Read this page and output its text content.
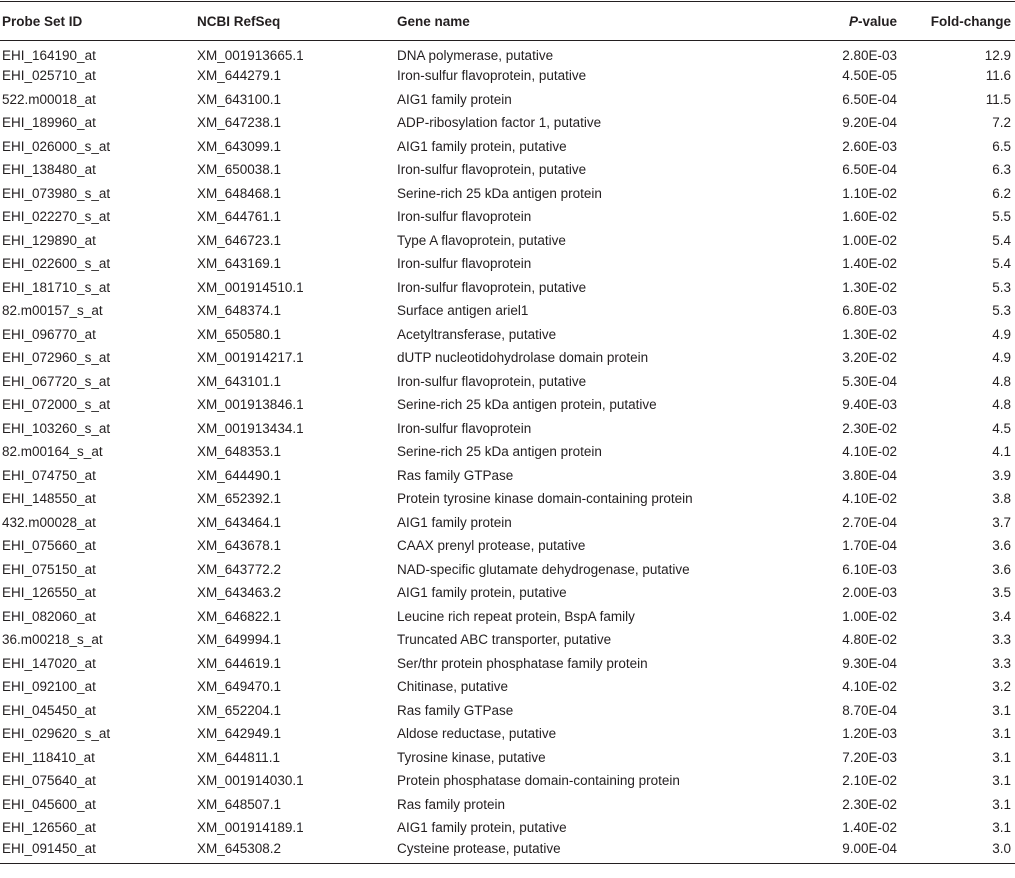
Probe Set ID	NCBI RefSeq	Gene name	P-value	Fold-change
EHI_164190_at	XM_001913665.1	DNA polymerase, putative	2.80E-03	12.9
EHI_025710_at	XM_644279.1	Iron-sulfur flavoprotein, putative	4.50E-05	11.6
522.m00018_at	XM_643100.1	AIG1 family protein	6.50E-04	11.5
EHI_189960_at	XM_647238.1	ADP-ribosylation factor 1, putative	9.20E-04	7.2
EHI_026000_s_at	XM_643099.1	AIG1 family protein, putative	2.60E-03	6.5
EHI_138480_at	XM_650038.1	Iron-sulfur flavoprotein, putative	6.50E-04	6.3
EHI_073980_s_at	XM_648468.1	Serine-rich 25 kDa antigen protein	1.10E-02	6.2
EHI_022270_s_at	XM_644761.1	Iron-sulfur flavoprotein	1.60E-02	5.5
EHI_129890_at	XM_646723.1	Type A flavoprotein, putative	1.00E-02	5.4
EHI_022600_s_at	XM_643169.1	Iron-sulfur flavoprotein	1.40E-02	5.4
EHI_181710_s_at	XM_001914510.1	Iron-sulfur flavoprotein, putative	1.30E-02	5.3
82.m00157_s_at	XM_648374.1	Surface antigen ariel1	6.80E-03	5.3
EHI_096770_at	XM_650580.1	Acetyltransferase, putative	1.30E-02	4.9
EHI_072960_s_at	XM_001914217.1	dUTP nucleotidohydrolase domain protein	3.20E-02	4.9
EHI_067720_s_at	XM_643101.1	Iron-sulfur flavoprotein, putative	5.30E-04	4.8
EHI_072000_s_at	XM_001913846.1	Serine-rich 25 kDa antigen protein, putative	9.40E-03	4.8
EHI_103260_s_at	XM_001913434.1	Iron-sulfur flavoprotein	2.30E-02	4.5
82.m00164_s_at	XM_648353.1	Serine-rich 25 kDa antigen protein	4.10E-02	4.1
EHI_074750_at	XM_644490.1	Ras family GTPase	3.80E-04	3.9
EHI_148550_at	XM_652392.1	Protein tyrosine kinase domain-containing protein	4.10E-02	3.8
432.m00028_at	XM_643464.1	AIG1 family protein	2.70E-04	3.7
EHI_075660_at	XM_643678.1	CAAX prenyl protease, putative	1.70E-04	3.6
EHI_075150_at	XM_643772.2	NAD-specific glutamate dehydrogenase, putative	6.10E-03	3.6
EHI_126550_at	XM_643463.2	AIG1 family protein, putative	2.00E-03	3.5
EHI_082060_at	XM_646822.1	Leucine rich repeat protein, BspA family	1.00E-02	3.4
36.m00218_s_at	XM_649994.1	Truncated ABC transporter, putative	4.80E-02	3.3
EHI_147020_at	XM_644619.1	Ser/thr protein phosphatase family protein	9.30E-04	3.3
EHI_092100_at	XM_649470.1	Chitinase, putative	4.10E-02	3.2
EHI_045450_at	XM_652204.1	Ras family GTPase	8.70E-04	3.1
EHI_029620_s_at	XM_642949.1	Aldose reductase, putative	1.20E-03	3.1
EHI_118410_at	XM_644811.1	Tyrosine kinase, putative	7.20E-03	3.1
EHI_075640_at	XM_001914030.1	Protein phosphatase domain-containing protein	2.10E-02	3.1
EHI_045600_at	XM_648507.1	Ras family protein	2.30E-02	3.1
EHI_126560_at	XM_001914189.1	AIG1 family protein, putative	1.40E-02	3.1
EHI_091450_at	XM_645308.2	Cysteine protease, putative	9.00E-04	3.0
